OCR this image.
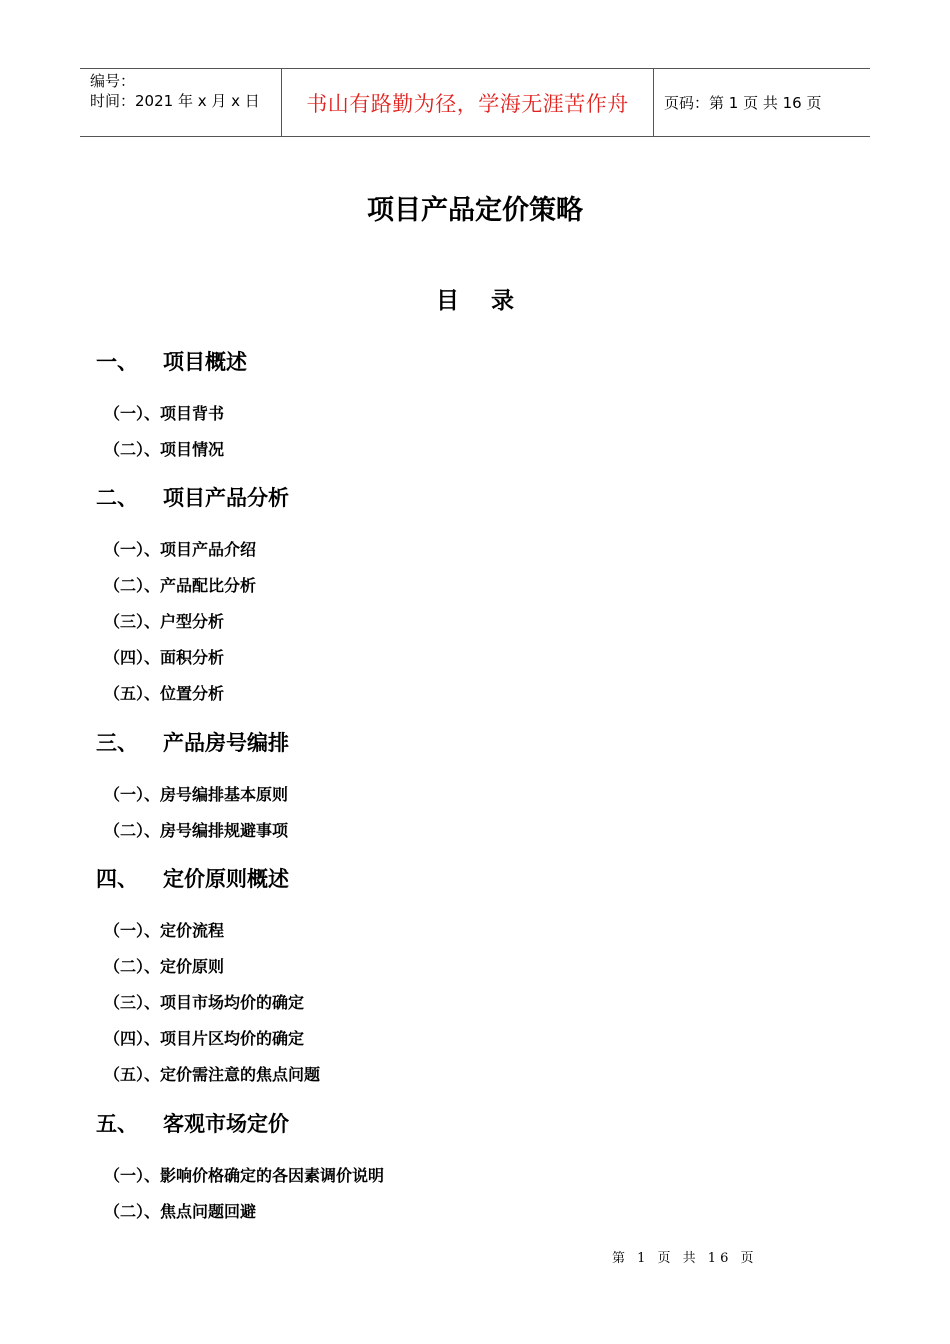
编号：
时间：2021 年 x 月 x 日	书山有路勤为径，学海无涯苦作舟	页码：第 1 页 共 16 页
项目产品定价策略
目录
一、	项目概述
（一）、项目背书
（二）、项目情况
二、	项目产品分析
（一）、项目产品介绍
（二）、产品配比分析
（三）、户型分析
（四）、面积分析
（五）、位置分析
三、	产品房号编排
（一）、房号编排基本原则
（二）、房号编排规避事项
四、	定价原则概述
（一）、定价流程
（二）、定价原则
（三）、项目市场均价的确定
（四）、项目片区均价的确定
（五）、定价需注意的焦点问题
五、	客观市场定价
（一）、影响价格确定的各因素调价说明
（二）、焦点问题回避
第 1 页 共 16 页
